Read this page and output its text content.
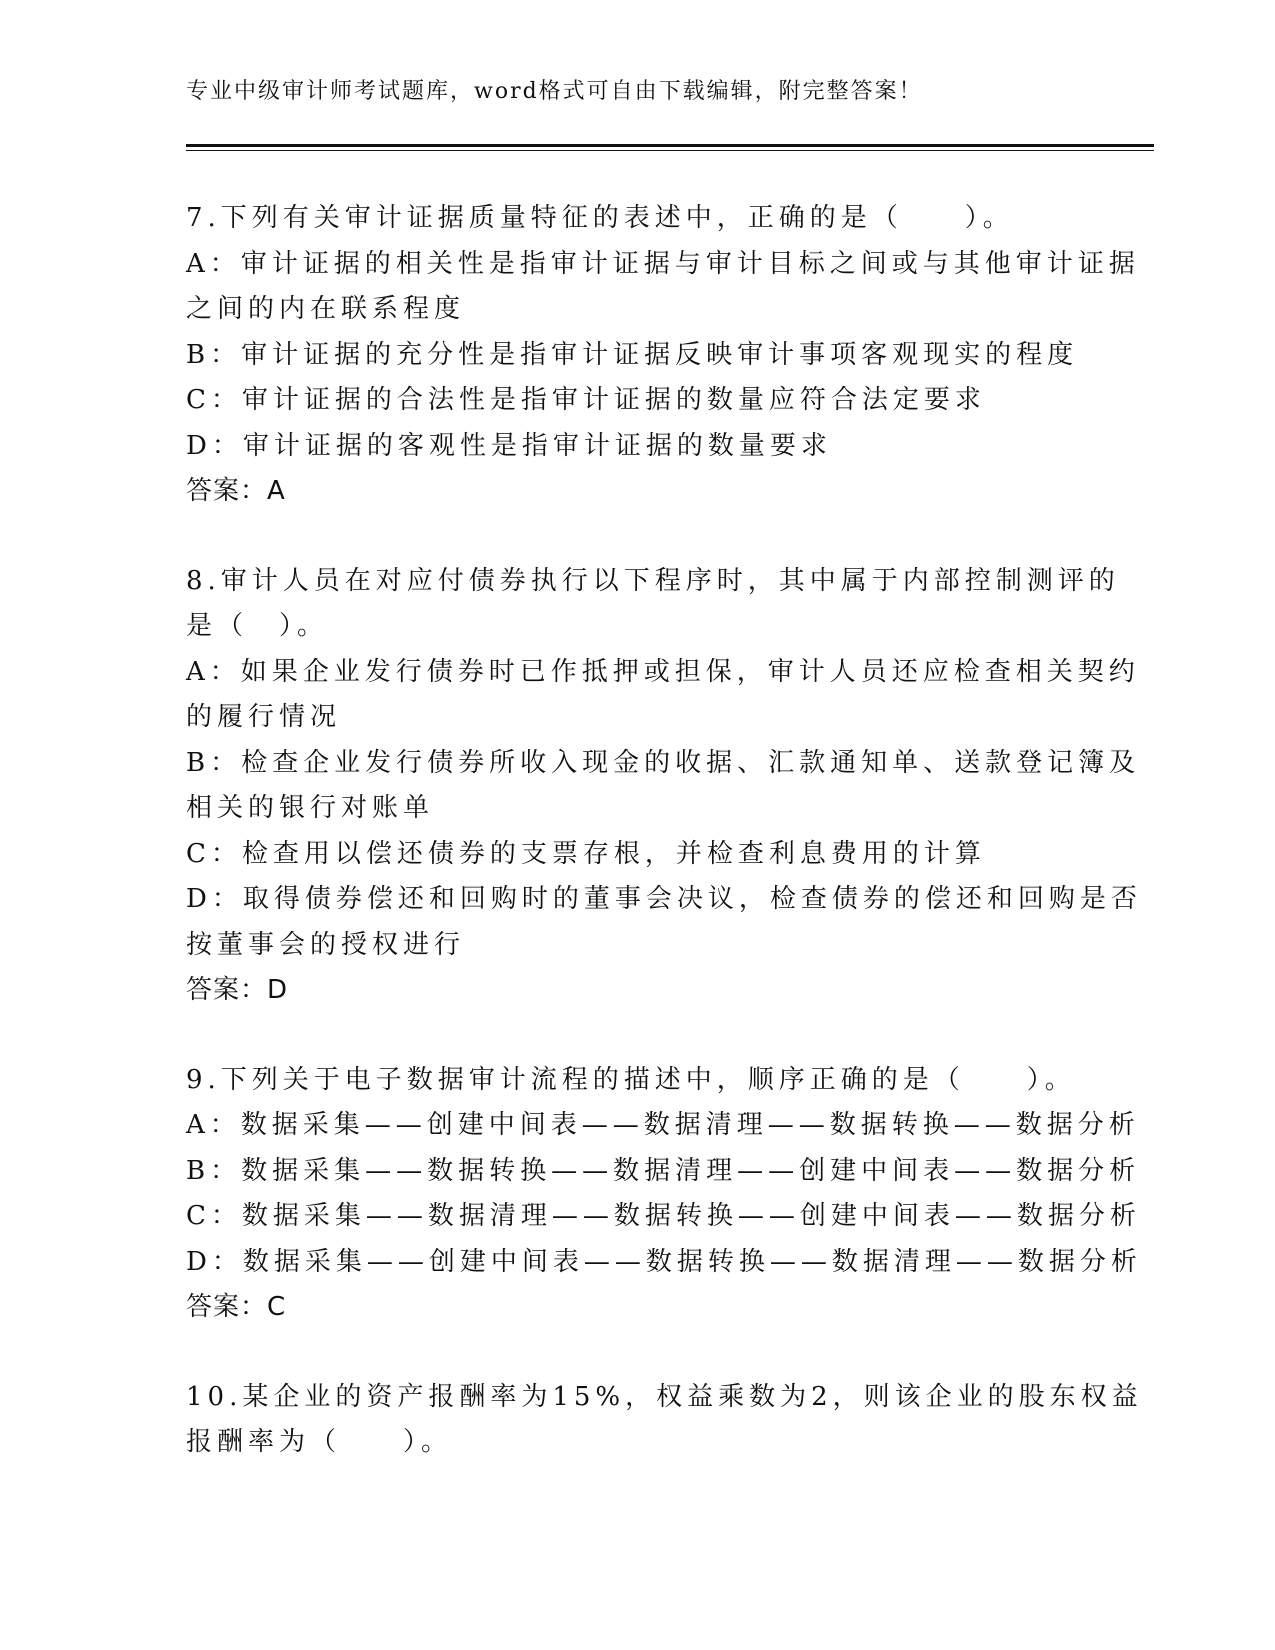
专业中级审计师考试题库，word格式可自由下载编辑，附完整答案！
7.下列有关审计证据质量特征的表述中，正确的是（　　）。
A：审计证据的相关性是指审计证据与审计目标之间或与其他审计证据
之间的内在联系程度
B：审计证据的充分性是指审计证据反映审计事项客观现实的程度
C：审计证据的合法性是指审计证据的数量应符合法定要求
D：审计证据的客观性是指审计证据的数量要求
答案：A
8.审计人员在对应付债券执行以下程序时，其中属于内部控制测评的
是（　）。
A：如果企业发行债券时已作抵押或担保，审计人员还应检查相关契约
的履行情况
B：检查企业发行债券所收入现金的收据、汇款通知单、送款登记簿及
相关的银行对账单
C：检查用以偿还债券的支票存根，并检查利息费用的计算
D：取得债券偿还和回购时的董事会决议，检查债券的偿还和回购是否
按董事会的授权进行
答案：D
9.下列关于电子数据审计流程的描述中，顺序正确的是（　　）。
A：数据采集——创建中间表——数据清理——数据转换——数据分析
B：数据采集——数据转换——数据清理——创建中间表——数据分析
C：数据采集——数据清理——数据转换——创建中间表——数据分析
D：数据采集——创建中间表——数据转换——数据清理——数据分析
答案：C
10.某企业的资产报酬率为15%，权益乘数为2，则该企业的股东权益
报酬率为（　　）。
